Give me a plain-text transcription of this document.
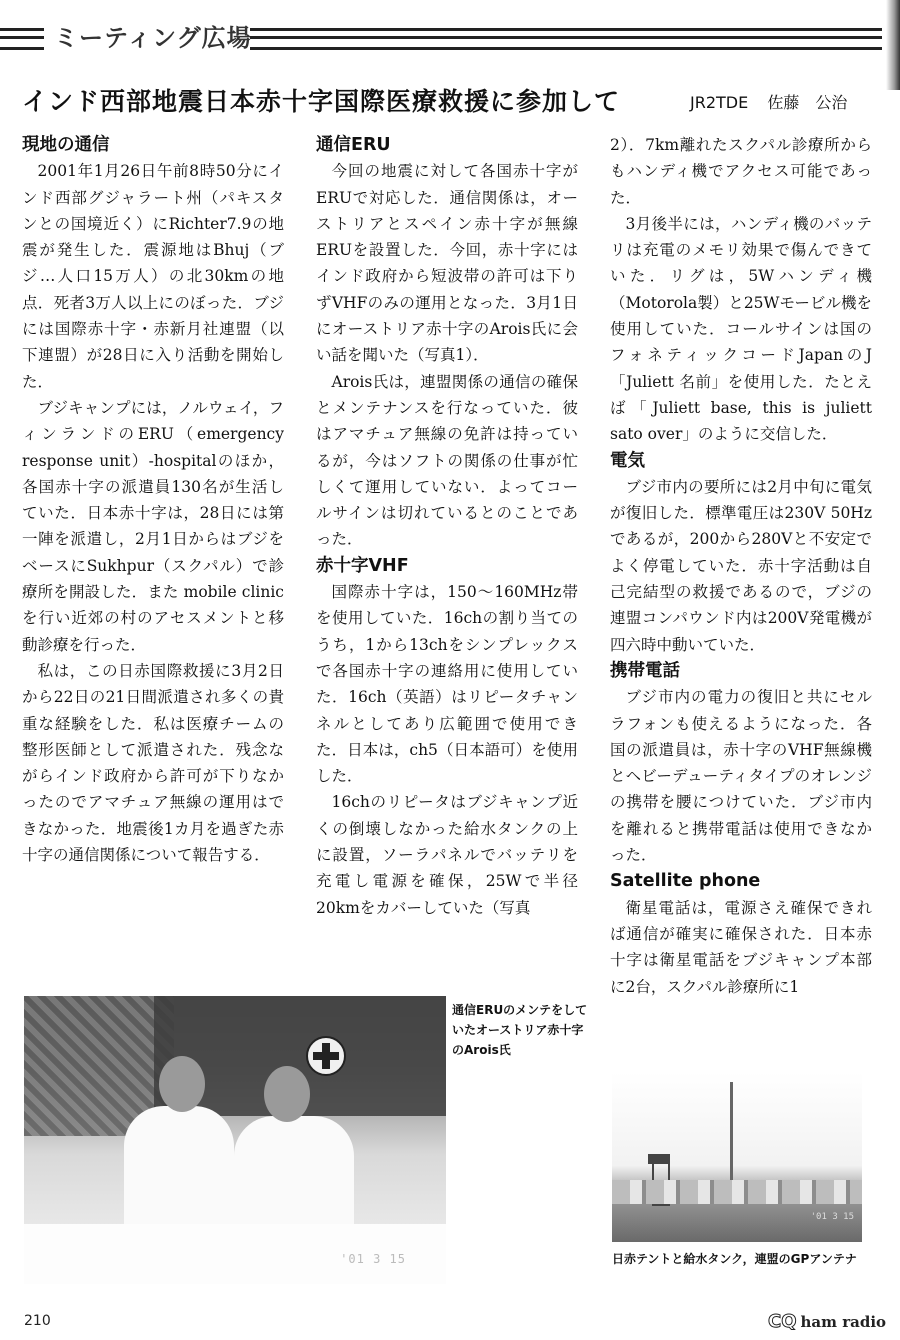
ミーティング広場
インド西部地震日本赤十字国際医療救援に参加して	JR2TDE 佐藤　公治
現地の通信

2001年1月26日午前8時50分にインド西部グジャラート州（パキスタンとの国境近く）にRichter7.9の地震が発生した．震源地はBhuj（ブジ…人口15万人）の北30kmの地点．死者3万人以上にのぼった．ブジには国際赤十字・赤新月社連盟（以下連盟）が28日に入り活動を開始した．

ブジキャンプには，ノルウェイ，フィンランドのERU（emergency response unit）-hospitalのほか，各国赤十字の派遣員130名が生活していた．日本赤十字は，28日には第一陣を派遣し，2月1日からはブジをベースにSukhpur（スクパル）で診療所を開設した．また mobile clinicを行い近郊の村のアセスメントと移動診療を行った．

私は，この日赤国際救援に3月2日から22日の21日間派遣され多くの貴重な経験をした．私は医療チームの整形医師として派遣された．残念ながらインド政府から許可が下りなかったのでアマチュア無線の運用はできなかった．地震後1カ月を過ぎた赤十字の通信関係について報告する．

通信ERU

今回の地震に対して各国赤十字がERUで対応した．通信関係は，オーストリアとスペイン赤十字が無線ERUを設置した．今回，赤十字にはインド政府から短波帯の許可は下りずVHFのみの運用となった．3月1日にオーストリア赤十字のArois氏に会い話を聞いた（写真1）．

Arois氏は，連盟関係の通信の確保とメンテナンスを行なっていた．彼はアマチュア無線の免許は持っているが，今はソフトの関係の仕事が忙しくて運用していない．よってコールサインは切れているとのことであった．

赤十字VHF

国際赤十字は，150〜160MHz帯を使用していた．16chの割り当てのうち，1から13chをシンプレックスで各国赤十字の連絡用に使用していた．16ch（英語）はリピータチャンネルとしてあり広範囲で使用できた．日本は，ch5（日本語可）を使用した．

16chのリピータはブジキャンプ近くの倒壊しなかった給水タンクの上に設置，ソーラパネルでバッテリを充電し電源を確保，25Wで半径20kmをカバーしていた（写真

2）．7km離れたスクパル診療所からもハンディ機でアクセス可能であった．

3月後半には，ハンディ機のバッテリは充電のメモリ効果で傷んできていた．リグは，5Wハンディ機（Motorola製）と25Wモービル機を使用していた．コールサインは国のフォネティックコードJapanのJ「Juliett 名前」を使用した．たとえば「Juliett base, this is juliett sato over」のように交信した．

電気

ブジ市内の要所には2月中旬に電気が復旧した．標準電圧は230V 50Hzであるが，200から280Vと不安定でよく停電していた．赤十字活動は自己完結型の救援であるので，ブジの連盟コンパウンド内は200V発電機が四六時中動いていた．

携帯電話

ブジ市内の電力の復旧と共にセルラフォンも使えるようになった．各国の派遣員は，赤十字のVHF無線機とヘビーデューティタイプのオレンジの携帯を腰につけていた．ブジ市内を離れると携帯電話は使用できなかった．

Satellite phone

衛星電話は，電源さえ確保できれば通信が確実に確保された．日本赤十字は衛星電話をブジキャンプ本部に2台，スクパル診療所に1

'01 3 15
通信ERUのメンテをしていたオーストリア赤十字のArois氏
'01 3 15
日赤テントと給水タンク，連盟のGPアンテナ
210	CQ ham radio
